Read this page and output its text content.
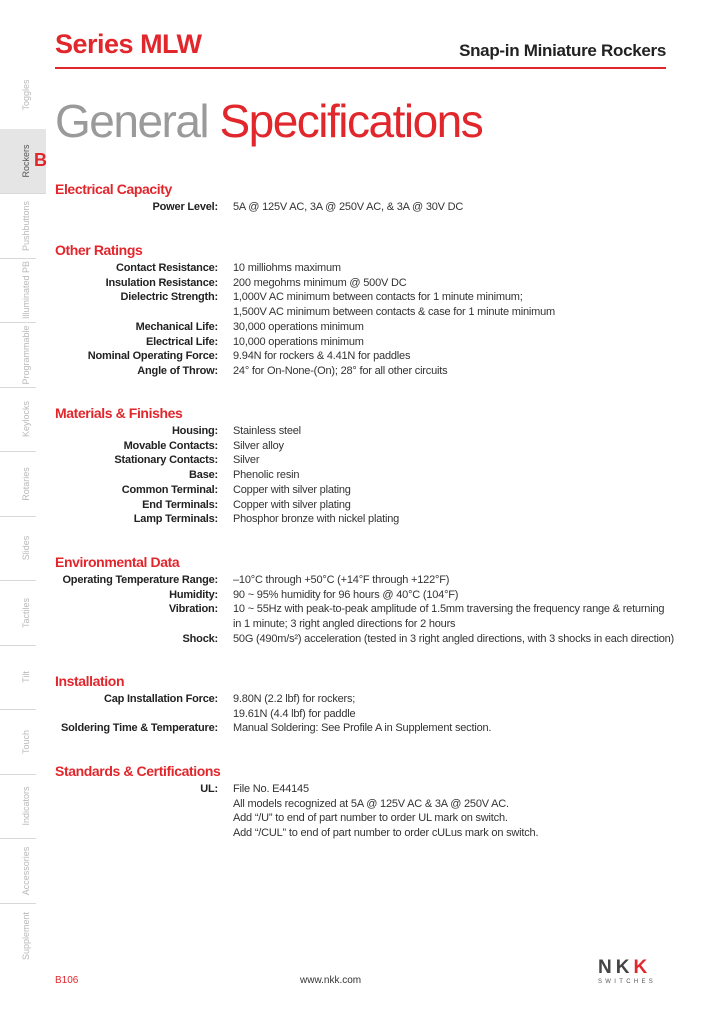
Series MLW	Snap-in Miniature Rockers
General Specifications
Toggles
Rockers
Pushbuttons
Illuminated PB
Programmable
Keylocks
Rotaries
Slides
Tactiles
Tilt
Touch
Indicators
Accessories
Supplement
B
Electrical Capacity
Power Level: 5A @ 125V AC, 3A @ 250V AC, & 3A @ 30V DC
Other Ratings
Contact Resistance: 10 milliohms maximum
Insulation Resistance: 200 megohms minimum @ 500V DC
Dielectric Strength: 1,000V AC minimum between contacts for 1 minute minimum;
1,500V AC minimum between contacts & case for 1 minute minimum
Mechanical Life: 30,000 operations minimum
Electrical Life: 10,000 operations minimum
Nominal Operating Force: 9.94N for rockers & 4.41N for paddles
Angle of Throw: 24° for On-None-(On); 28° for all other circuits
Materials & Finishes
Housing: Stainless steel
Movable Contacts: Silver alloy
Stationary Contacts: Silver
Base: Phenolic resin
Common Terminal: Copper with silver plating
End Terminals: Copper with silver plating
Lamp Terminals: Phosphor bronze with nickel plating
Environmental Data
Operating Temperature Range: –10°C through +50°C (+14°F through +122°F)
Humidity: 90 ~ 95% humidity for 96 hours @ 40°C (104°F)
Vibration: 10 ~ 55Hz with peak-to-peak amplitude of 1.5mm traversing the frequency range & returning
in 1 minute; 3 right angled directions for 2 hours
Shock: 50G (490m/s²) acceleration (tested in 3 right angled directions, with 3 shocks in each direction)
Installation
Cap Installation Force: 9.80N (2.2 lbf) for rockers;
19.61N (4.4 lbf) for paddle
Soldering Time & Temperature: Manual Soldering: See Profile A in Supplement section.
Standards & Certifications
UL: File No. E44145
All models recognized at 5A @ 125V AC & 3A @ 250V AC.
Add “/U” to end of part number to order UL mark on switch.
Add “/CUL” to end of part number to order cULus mark on switch.
B106	www.nkk.com
NKK
SWITCHES
